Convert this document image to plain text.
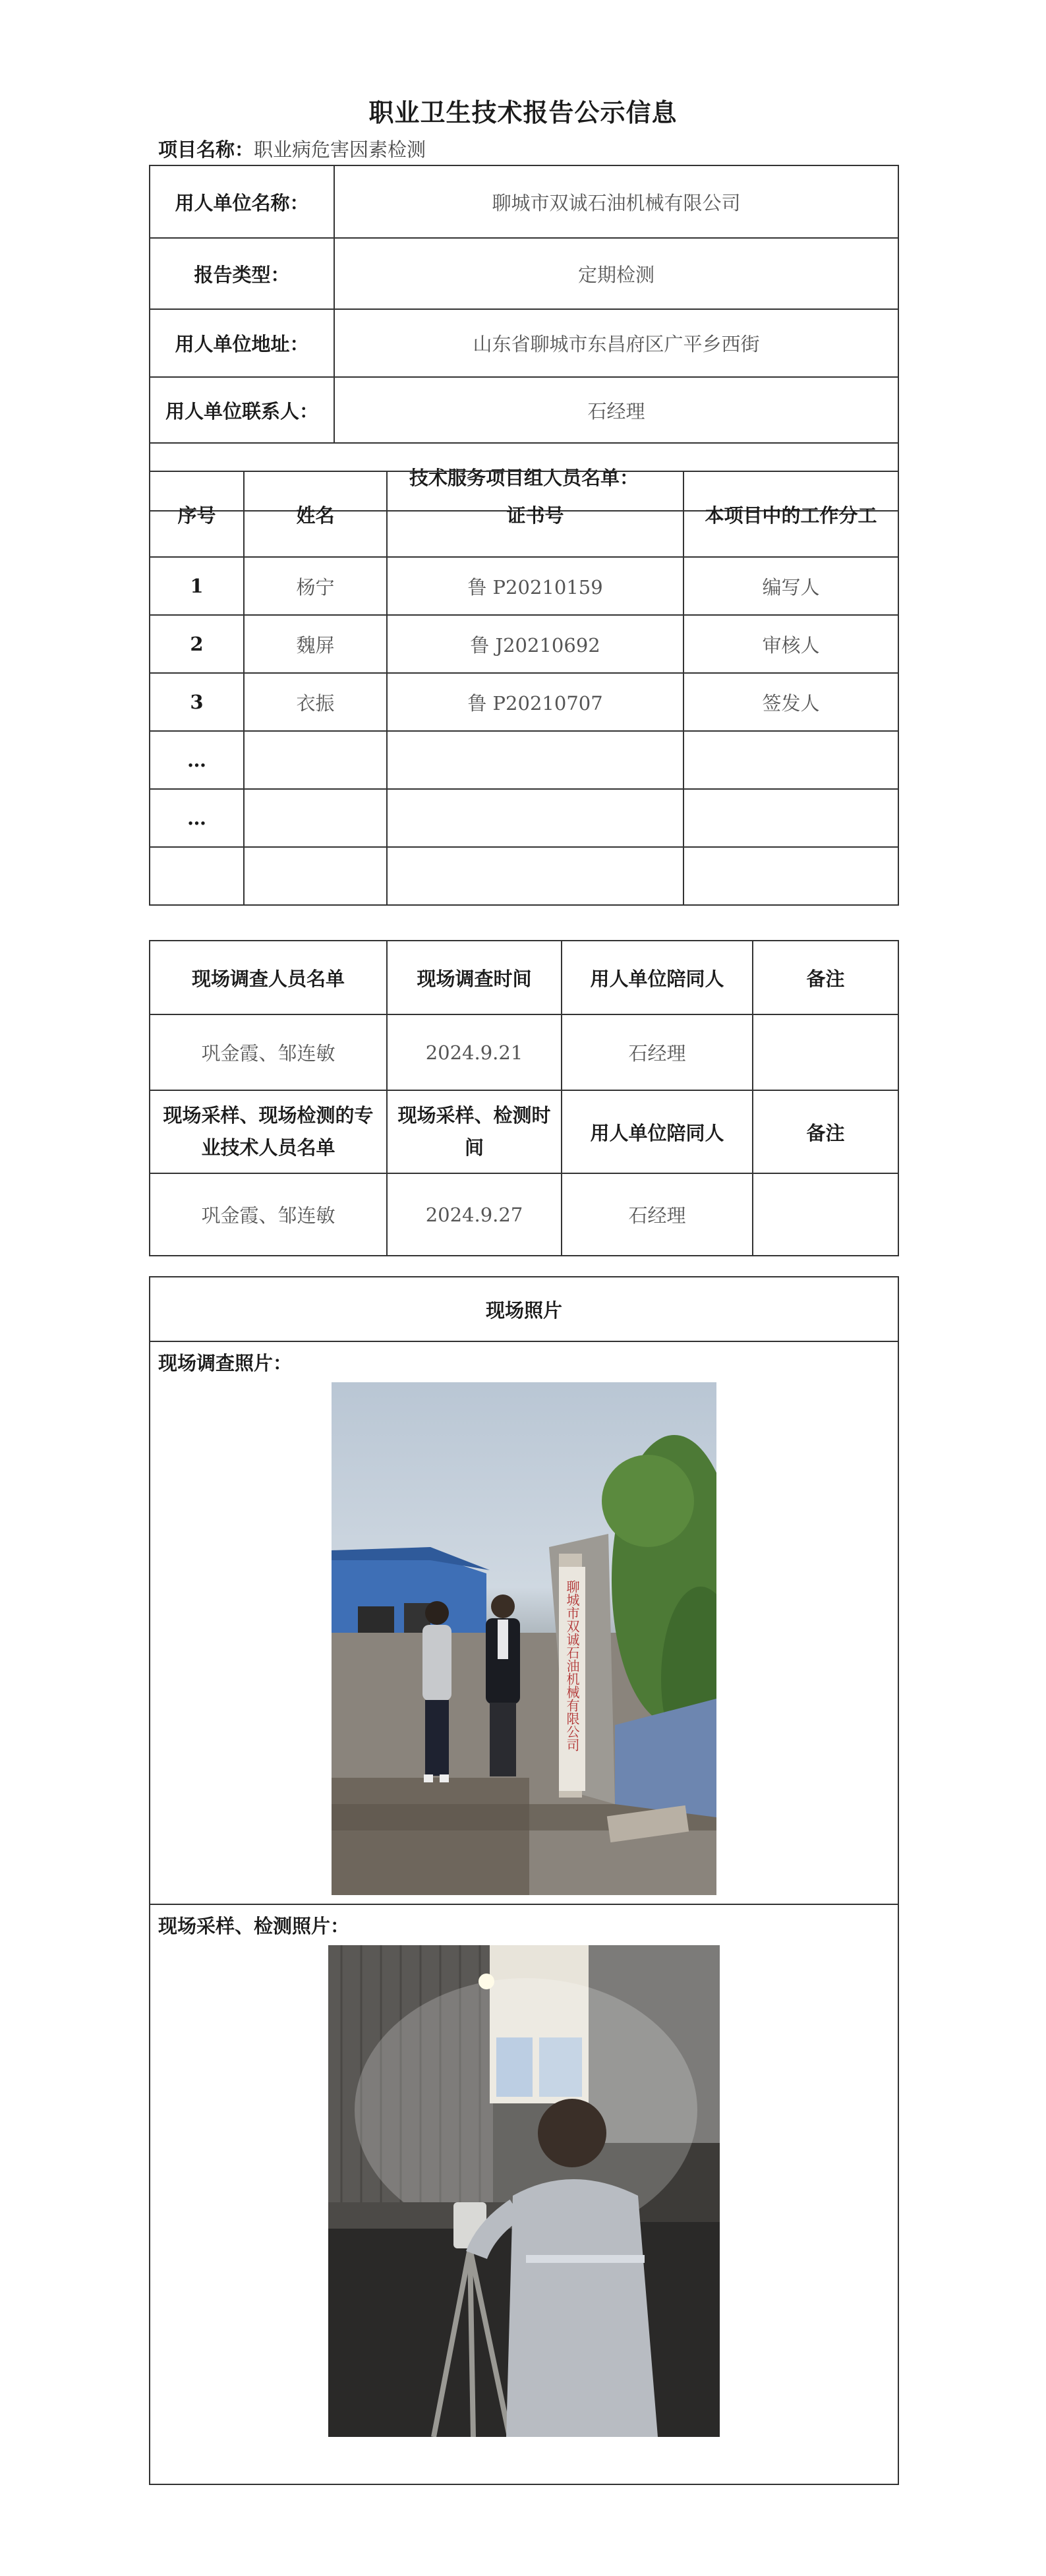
职业卫生技术报告公示信息
项目名称：职业病危害因素检测
用人单位名称：	聊城市双诚石油机械有限公司
报告类型：	定期检测
用人单位地址：	山东省聊城市东昌府区广平乡西街
用人单位联系人：	石经理
技术服务项目组人员名单：	
序号	姓名	证书号	本项目中的工作分工
1	杨宁	鲁 P20210159	编写人
2	魏屏	鲁 J20210692	审核人
3	衣振	鲁 P20210707	签发人
…			
…			

现场调查人员名单	现场调查时间	用人单位陪同人	备注
巩金霞、邹连敏	2024.9.21	石经理	
现场采样、现场检测的专业技术人员名单	现场采样、检测时间	用人单位陪同人	备注
巩金霞、邹连敏	2024.9.27	石经理	
现场照片

现场调查照片：
聊城市双诚石油机械有限公司

现场采样、检测照片：
